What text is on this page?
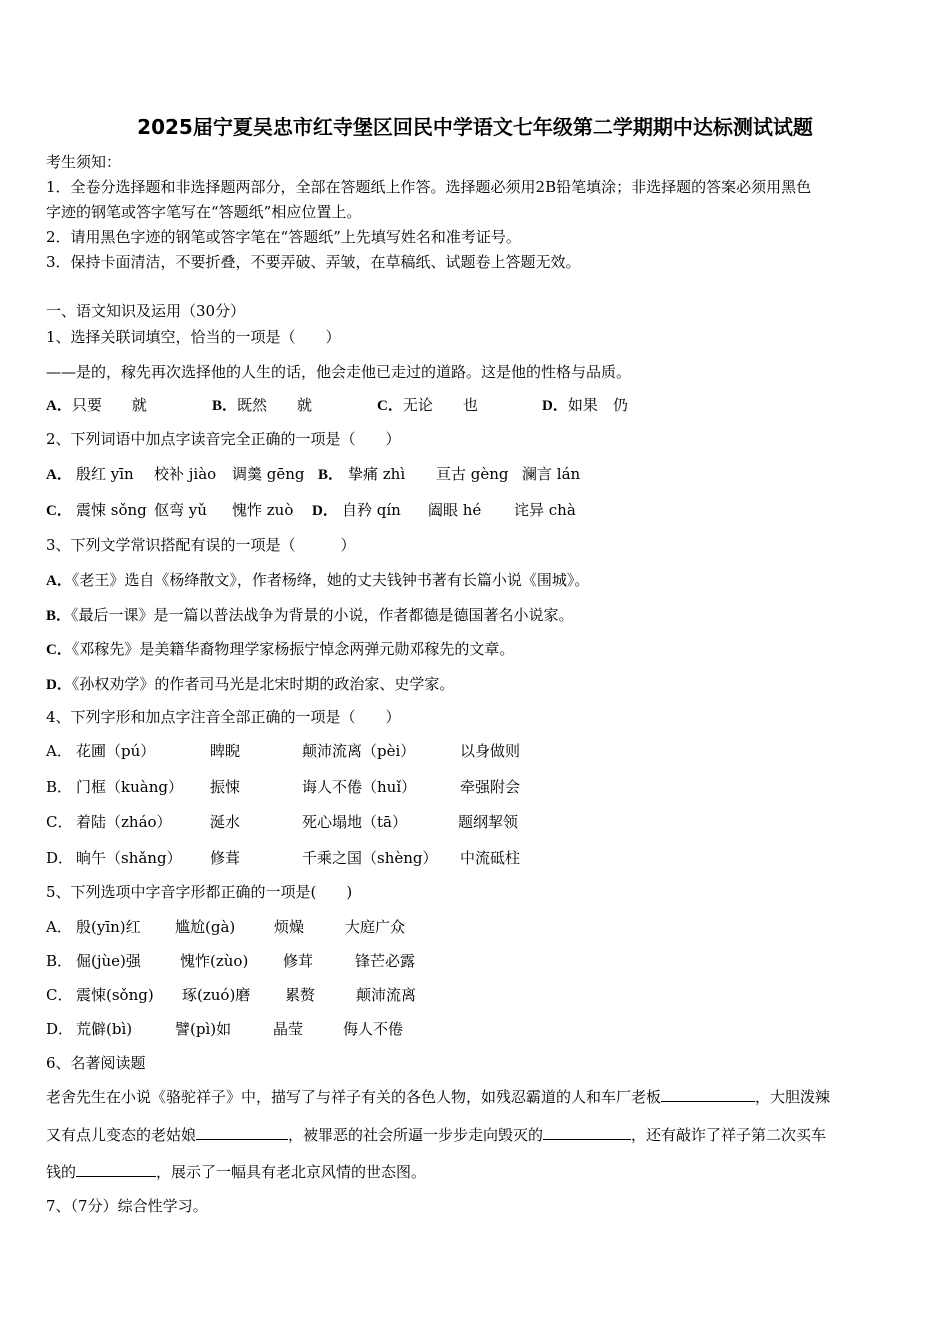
2025届宁夏吴忠市红寺堡区回民中学语文七年级第二学期期中达标测试试题
考生须知：
1．全卷分选择题和非选择题两部分，全部在答题纸上作答。选择题必须用2B铅笔填涂；非选择题的答案必须用黑色
字迹的钢笔或答字笔写在“答题纸”相应位置上。
2．请用黑色字迹的钢笔或答字笔在“答题纸”上先填写姓名和准考证号。
3．保持卡面清洁，不要折叠，不要弄破、弄皱，在草稿纸、试题卷上答题无效。
一、语文知识及运用（30分）
1、选择关联词填空，恰当的一项是（　　）
——是的，稼先再次选择他的人生的话，他会走他已走过的道路。这是他的性格与品质。
A．只要　　就	B．既然　　就	C．无论　　也	D．如果　仍
2、下列词语中加点字读音完全正确的一项是（　　）
A． 殷红 yīn 校补 jiào 调羹 gēng B． 挚痛 zhì 亘古 gèng 澜言 lán
C． 震悚 sǒng 伛弯 yǔ 愧怍 zuò D． 自矜 qín 阖眼 hé 诧异 chà
3、下列文学常识搭配有误的一项是（　　　）
A．《老王》选自《杨绛散文》，作者杨绛，她的丈夫钱钟书著有长篇小说《围城》。
B．《最后一课》是一篇以普法战争为背景的小说，作者都德是德国著名小说家。
C．《邓稼先》是美籍华裔物理学家杨振宁悼念两弹元勋邓稼先的文章。
D．《孙权劝学》的作者司马光是北宋时期的政治家、史学家。
4、下列字形和加点字注音全部正确的一项是（　　）
A． 花圃（pú）	睥睨	颠沛流离（pèi）	以身做则
B． 门框（kuàng） 振悚	诲人不倦（huǐ）	牵强附会
C． 着陆（zháo）	涎水	死心塌地（tā）	题纲挈领
D． 晌午（shǎng） 修葺	千乘之国（shèng） 中流砥柱
5、下列选项中字音字形都正确的一项是(　　)
A． 殷(yīn)红 尴尬(gà)	烦燥	大庭广众
B． 倔(jùe)强	愧怍(zùo) 修茸	锋芒必露
C． 震悚(sǒng) 琢(zuó)磨 累赘	颠沛流离
D． 荒僻(bì)	譬(pì)如	晶莹	侮人不倦
6、名著阅读题
老舍先生在小说《骆驼祥子》中，描写了与祥子有关的各色人物，如残忍霸道的人和车厂老板	，大胆泼辣
又有点儿变态的老姑娘	，被罪恶的社会所逼一步步走向毁灭的	，还有敲诈了祥子第二次买车
钱的	，展示了一幅具有老北京风情的世态图。
7、（7分）综合性学习。
